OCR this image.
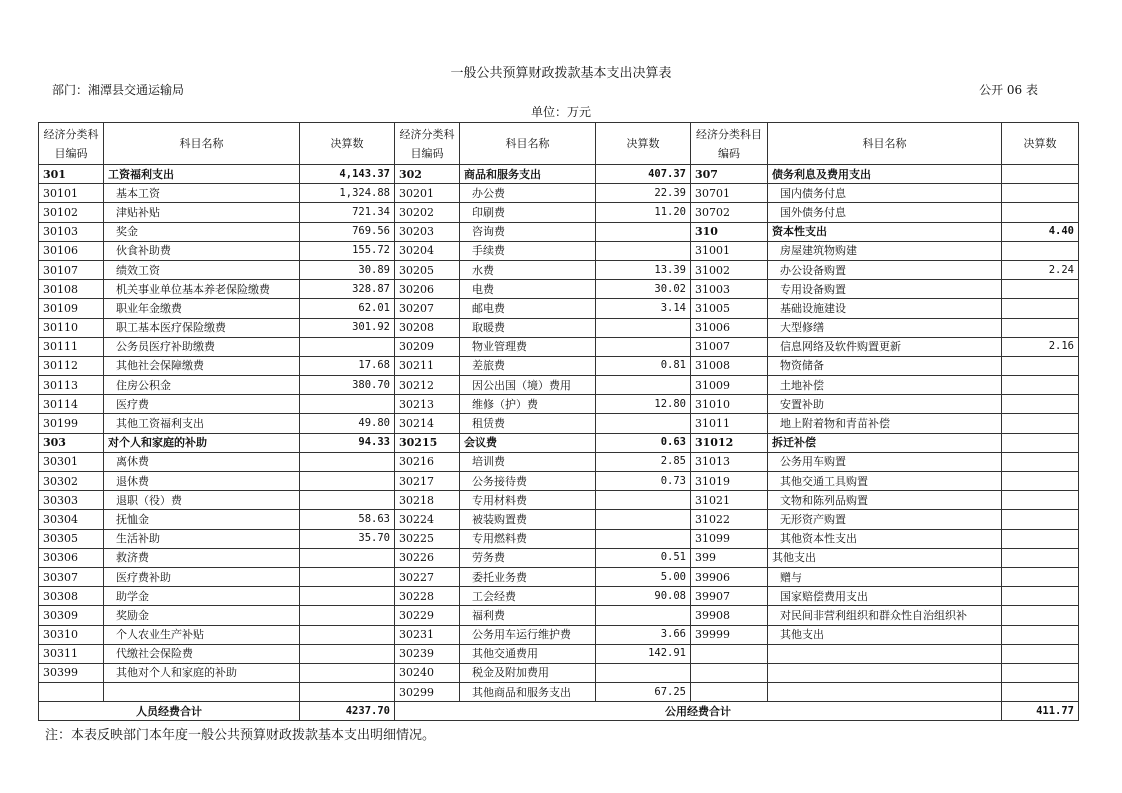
一般公共预算财政拨款基本支出决算表
部门：湘潭县交通运输局	公开 06 表
单位：万元
经济分类科目编码	科目名称	决算数	经济分类科目编码	科目名称	决算数	经济分类科目编码	科目名称	决算数
301	工资福利支出	4,143.37	302	商品和服务支出	407.37	307	债务利息及费用支出	
30101	基本工资	1,324.88	30201	办公费	22.39	30701	国内债务付息	
30102	津贴补贴	721.34	30202	印刷费	11.20	30702	国外债务付息	
30103	奖金	769.56	30203	咨询费		310	资本性支出	4.40
30106	伙食补助费	155.72	30204	手续费		31001	房屋建筑物购建	
30107	绩效工资	30.89	30205	水费	13.39	31002	办公设备购置	2.24
30108	机关事业单位基本养老保险缴费	328.87	30206	电费	30.02	31003	专用设备购置	
30109	职业年金缴费	62.01	30207	邮电费	3.14	31005	基础设施建设	
30110	职工基本医疗保险缴费	301.92	30208	取暖费		31006	大型修缮	
30111	公务员医疗补助缴费		30209	物业管理费		31007	信息网络及软件购置更新	2.16
30112	其他社会保障缴费	17.68	30211	差旅费	0.81	31008	物资储备	
30113	住房公积金	380.70	30212	因公出国（境）费用		31009	土地补偿	
30114	医疗费		30213	维修（护）费	12.80	31010	安置补助	
30199	其他工资福利支出	49.80	30214	租赁费		31011	地上附着物和青苗补偿	
303	对个人和家庭的补助	94.33	30215	会议费	0.63	31012	拆迁补偿	
30301	离休费		30216	培训费	2.85	31013	公务用车购置	
30302	退休费		30217	公务接待费	0.73	31019	其他交通工具购置	
30303	退职（役）费		30218	专用材料费		31021	文物和陈列品购置	
30304	抚恤金	58.63	30224	被装购置费		31022	无形资产购置	
30305	生活补助	35.70	30225	专用燃料费		31099	其他资本性支出	
30306	救济费		30226	劳务费	0.51	399	其他支出	
30307	医疗费补助		30227	委托业务费	5.00	39906	赠与	
30308	助学金		30228	工会经费	90.08	39907	国家赔偿费用支出	
30309	奖励金		30229	福利费		39908	对民间非营利组织和群众性自治组织补	
30310	个人农业生产补贴		30231	公务用车运行维护费	3.66	39999	其他支出	
30311	代缴社会保险费		30239	其他交通费用	142.91			
30399	其他对个人和家庭的补助		30240	税金及附加费用				
			30299	其他商品和服务支出	67.25			
人员经费合计		4237.70	公用经费合计					411.77
注：本表反映部门本年度一般公共预算财政拨款基本支出明细情况。
